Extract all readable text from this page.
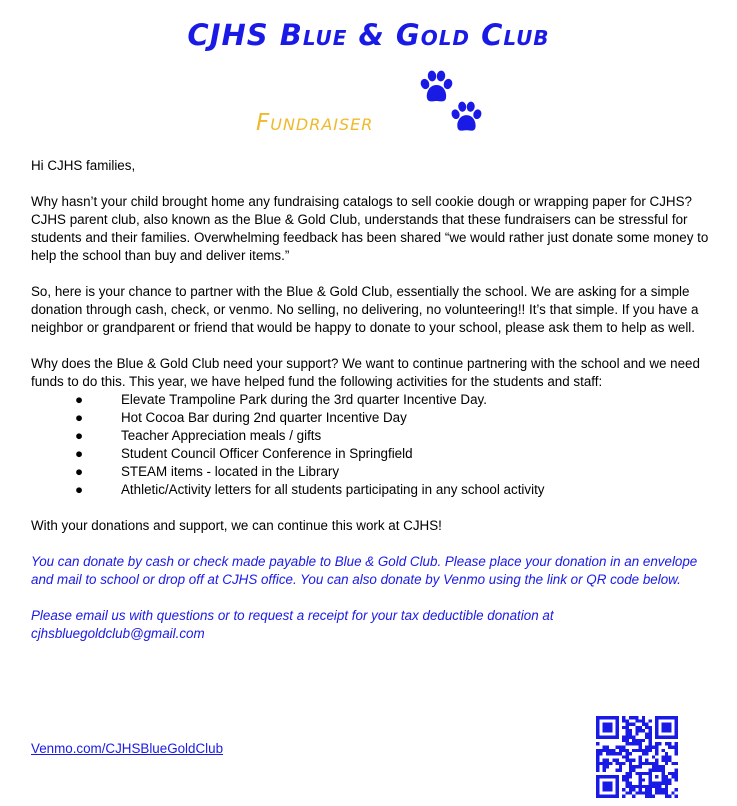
CJHS Blue & Gold Club
Fundraiser

Hi CJHS families,

Why hasn’t your child brought home any fundraising catalogs to sell cookie dough or wrapping paper for CJHS? CJHS parent club, also known as the Blue & Gold Club, understands that these fundraisers can be stressful for students and their families. Overwhelming feedback has been shared “we would rather just donate some money to help the school than buy and deliver items.”

So, here is your chance to partner with the Blue & Gold Club, essentially the school. We are asking for a simple donation through cash, check, or venmo. No selling, no delivering, no volunteering!! It’s that simple. If you have a neighbor or grandparent or friend that would be happy to donate to your school, please ask them to help as well.

Why does the Blue & Gold Club need your support? We want to continue partnering with the school and we need funds to do this. This year, we have helped fund the following activities for the students and staff:
●	Elevate Trampoline Park during the 3rd quarter Incentive Day.
●	Hot Cocoa Bar during 2nd quarter Incentive Day
●	Teacher Appreciation meals / gifts
●	Student Council Officer Conference in Springfield
●	STEAM items - located in the Library
●	Athletic/Activity letters for all students participating in any school activity

With your donations and support, we can continue this work at CJHS!

You can donate by cash or check made payable to Blue & Gold Club. Please place your donation in an envelope and mail to school or drop off at CJHS office. You can also donate by Venmo using the link or QR code below.

Please email us with questions or to request a receipt for your tax deductible donation at cjhsbluegoldclub@gmail.com

Venmo.com/CJHSBlueGoldClub
